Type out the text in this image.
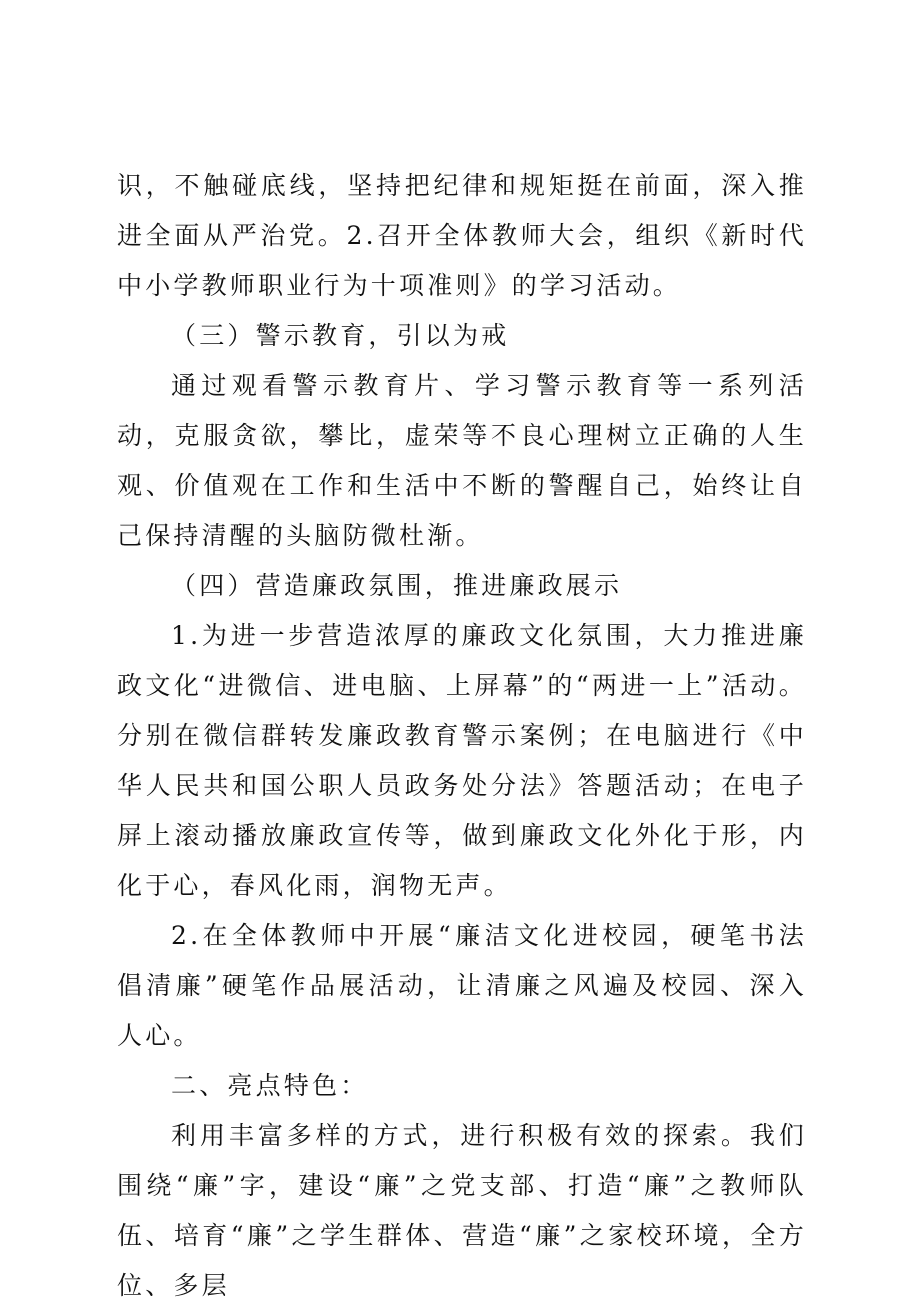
识，不触碰底线，坚持把纪律和规矩挺在前面，深入推进全面从严治党。2.召开全体教师大会，组织《新时代中小学教师职业行为十项准则》的学习活动。

（三）警示教育，引以为戒

通过观看警示教育片、学习警示教育等一系列活动，克服贪欲，攀比，虚荣等不良心理树立正确的人生观、价值观在工作和生活中不断的警醒自己，始终让自己保持清醒的头脑防微杜渐。

（四）营造廉政氛围，推进廉政展示

1.为进一步营造浓厚的廉政文化氛围，大力推进廉政文化“进微信、进电脑、上屏幕”的“两进一上”活动。分别在微信群转发廉政教育警示案例；在电脑进行《中华人民共和国公职人员政务处分法》答题活动；在电子屏上滚动播放廉政宣传等，做到廉政文化外化于形，内化于心，春风化雨，润物无声。

2.在全体教师中开展“廉洁文化进校园，硬笔书法倡清廉”硬笔作品展活动，让清廉之风遍及校园、深入人心。

二、亮点特色：

利用丰富多样的方式，进行积极有效的探索。我们围绕“廉”字，建设“廉”之党支部、打造“廉”之教师队伍、培育“廉”之学生群体、营造“廉”之家校环境，全方位、多层
